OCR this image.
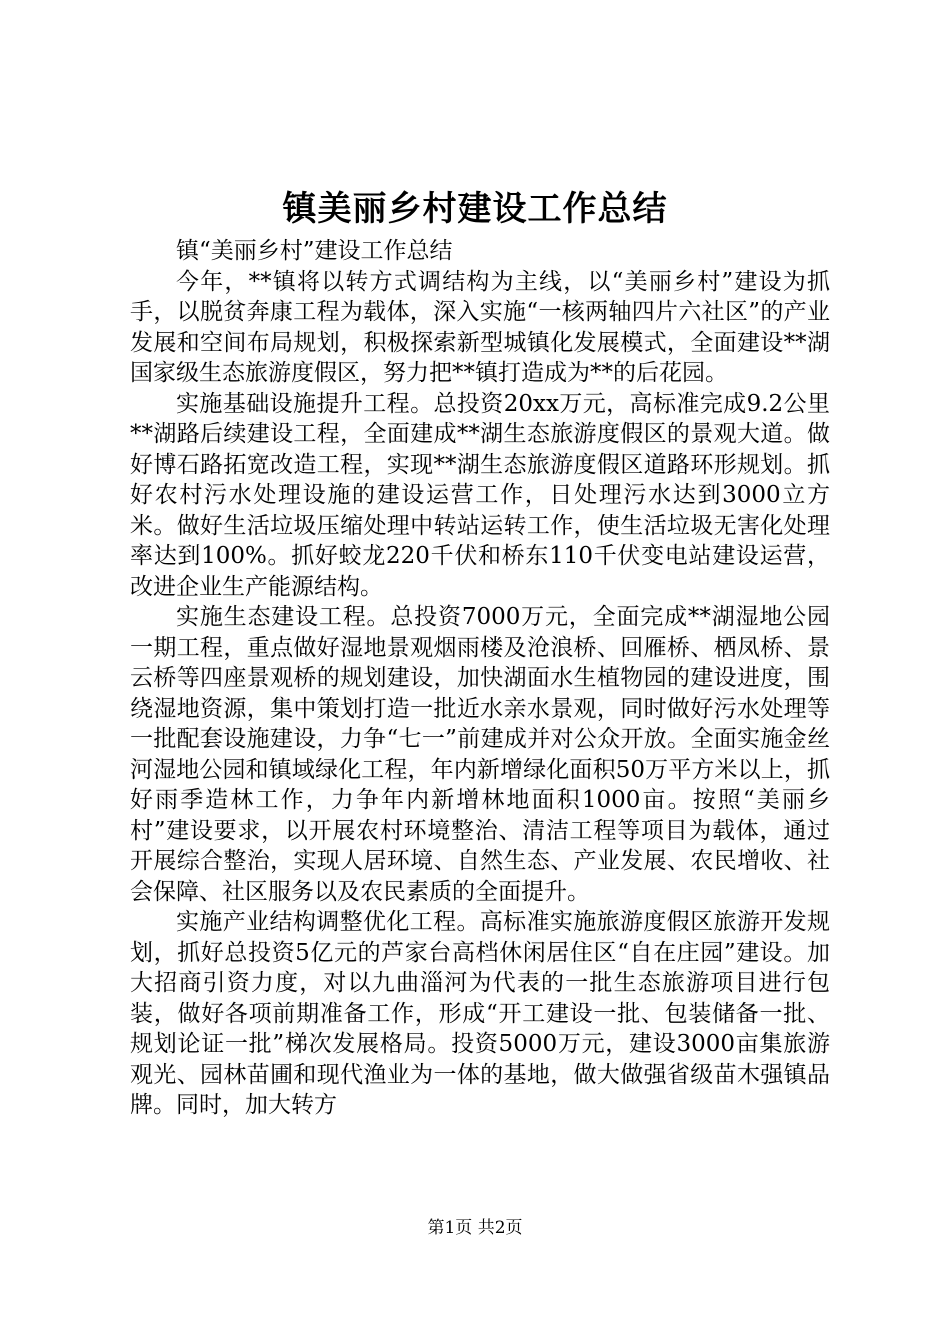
镇美丽乡村建设工作总结

镇“美丽乡村”建设工作总结

今年，**镇将以转方式调结构为主线，以“美丽乡村”建设为抓手，以脱贫奔康工程为载体，深入实施“一核两轴四片六社区”的产业发展和空间布局规划，积极探索新型城镇化发展模式，全面建设**湖国家级生态旅游度假区，努力把**镇打造成为**的后花园。

实施基础设施提升工程。总投资20xx万元，高标准完成9.2公里**湖路后续建设工程，全面建成**湖生态旅游度假区的景观大道。做好博石路拓宽改造工程，实现**湖生态旅游度假区道路环形规划。抓好农村污水处理设施的建设运营工作，日处理污水达到3000立方米。做好生活垃圾压缩处理中转站运转工作，使生活垃圾无害化处理率达到100%。抓好蛟龙220千伏和桥东110千伏变电站建设运营，改进企业生产能源结构。

实施生态建设工程。总投资7000万元，全面完成**湖湿地公园一期工程，重点做好湿地景观烟雨楼及沧浪桥、回雁桥、栖凤桥、景云桥等四座景观桥的规划建设，加快湖面水生植物园的建设进度，围绕湿地资源，集中策划打造一批近水亲水景观，同时做好污水处理等一批配套设施建设，力争“七一”前建成并对公众开放。全面实施金丝河湿地公园和镇域绿化工程，年内新增绿化面积50万平方米以上，抓好雨季造林工作，力争年内新增林地面积1000亩。按照“美丽乡村”建设要求，以开展农村环境整治、清洁工程等项目为载体，通过开展综合整治，实现人居环境、自然生态、产业发展、农民增收、社会保障、社区服务以及农民素质的全面提升。

实施产业结构调整优化工程。高标准实施旅游度假区旅游开发规划，抓好总投资5亿元的芦家台高档休闲居住区“自在庄园”建设。加大招商引资力度，对以九曲淄河为代表的一批生态旅游项目进行包装，做好各项前期准备工作，形成“开工建设一批、包装储备一批、规划论证一批”梯次发展格局。投资5000万元，建设3000亩集旅游观光、园林苗圃和现代渔业为一体的基地，做大做强省级苗木强镇品牌。同时，加大转方

第1页 共2页
